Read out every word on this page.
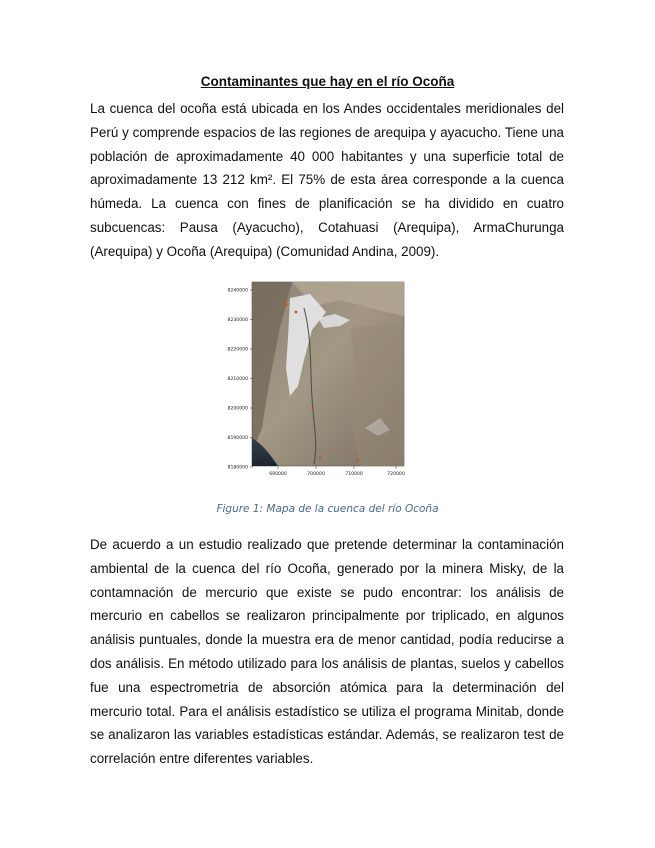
Contaminantes que hay en el río Ocoña

La cuenca del ocoña está ubicada en los Andes occidentales meridionales del Perú y comprende espacios de las regiones de arequipa y ayacucho. Tiene una población de aproximadamente 40 000 habitantes y una superficie total de aproximadamente 13 212 km². El 75% de esta área corresponde a la cuenca húmeda. La cuenca con fines de planificación se ha dividido en cuatro subcuencas: Pausa (Ayacucho), Cotahuasi (Arequipa), ArmaChurunga (Arequipa) y Ocoña (Arequipa) (Comunidad Andina, 2009).

8240000
8230000
8220000
8210000
8200000
8190000
8180000
690000	700000	710000	720000
Figure 1: Mapa de la cuenca del río Ocoña

De acuerdo a un estudio realizado que pretende determinar la contaminación ambiental de la cuenca del río Ocoña, generado por la minera Misky, de la contamnación de mercurio que existe se pudo encontrar: los análisis de mercurio en cabellos se realizaron principalmente por triplicado, en algunos análisis puntuales, donde la muestra era de menor cantidad, podía reducirse a dos análisis. En método utilizado para los análisis de plantas, suelos y cabellos fue una espectrometria de absorción atómica para la determinación del mercurio total. Para el análisis estadístico se utiliza el programa Minitab, donde se analizaron las variables estadísticas estándar. Además, se realizaron test de correlación entre diferentes variables.
